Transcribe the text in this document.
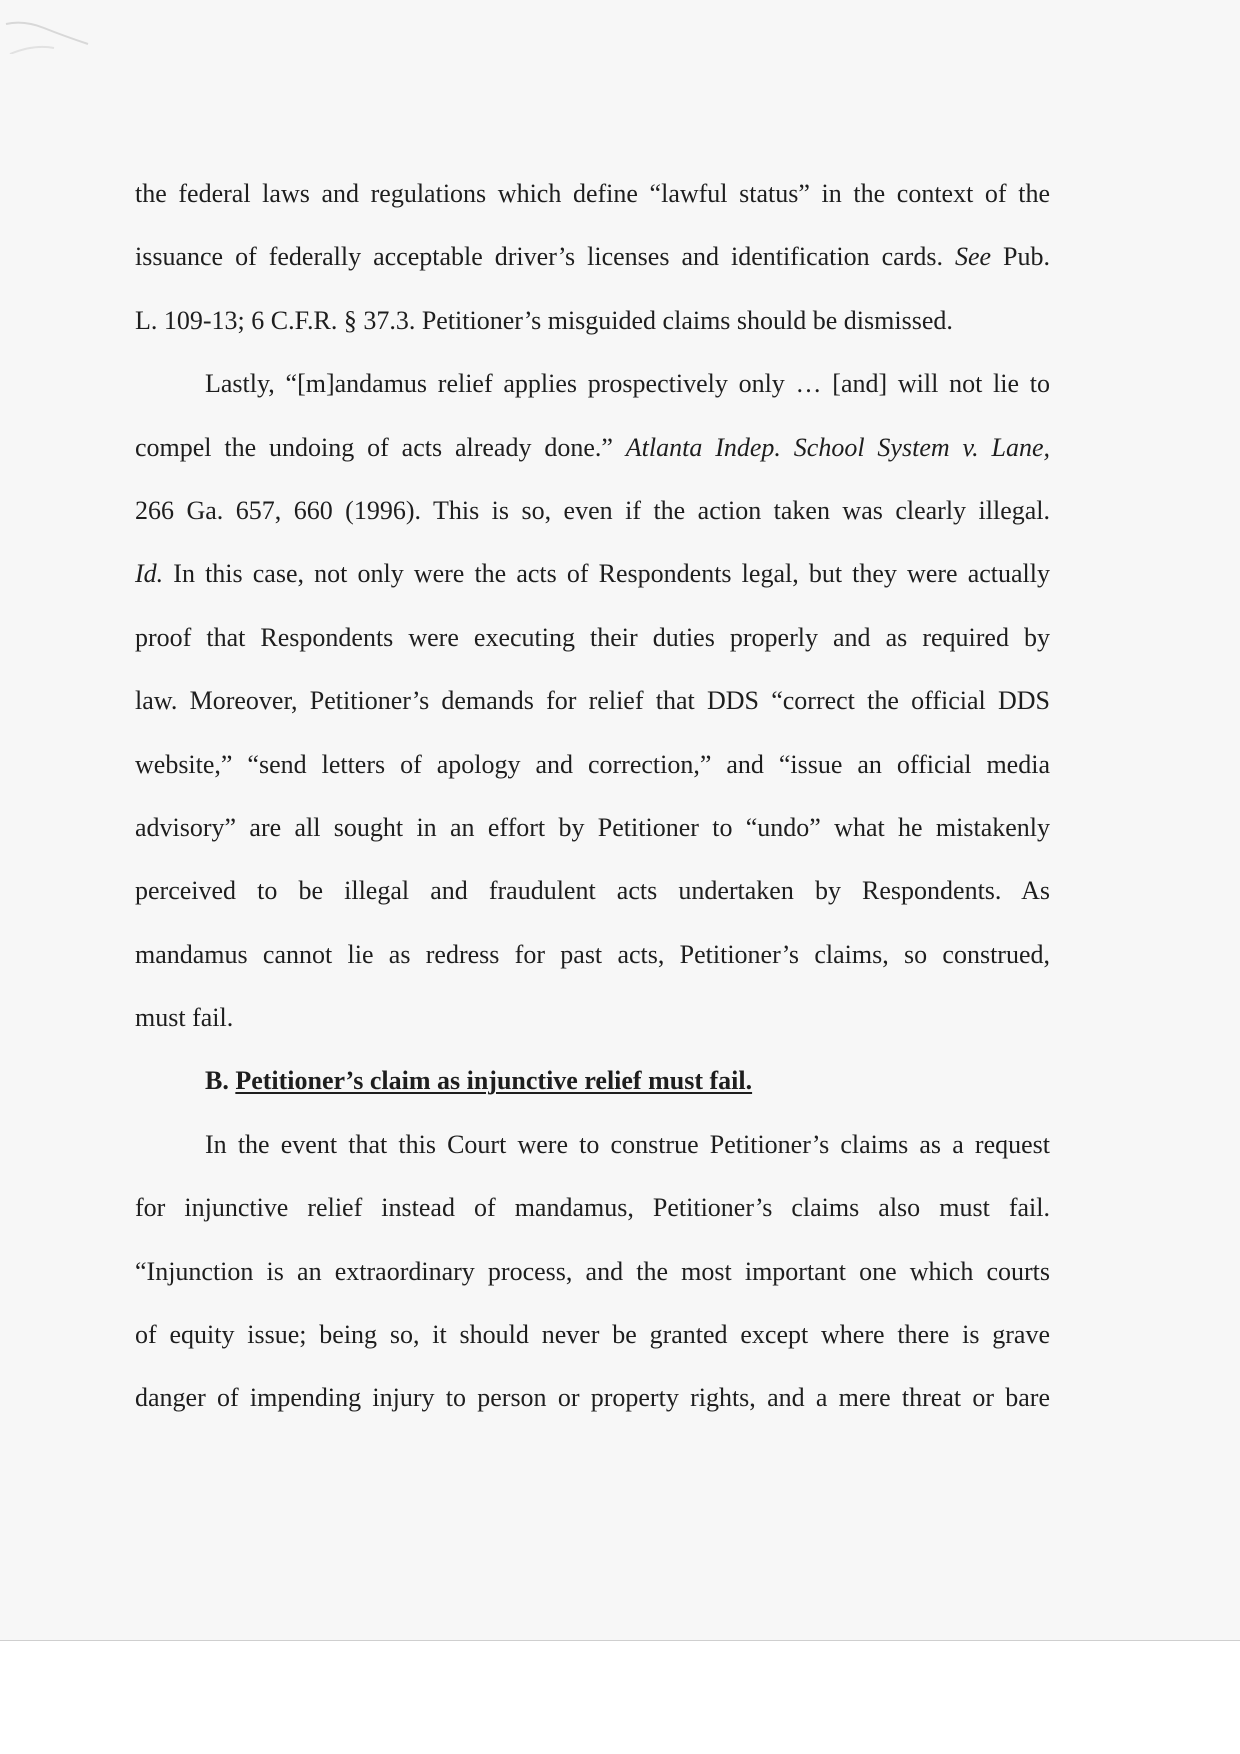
the federal laws and regulations which define “lawful status” in the context of the
issuance of federally acceptable driver’s licenses and identification cards. See Pub.
L. 109-13; 6 C.F.R. § 37.3. Petitioner’s misguided claims should be dismissed.
Lastly, “[m]andamus relief applies prospectively only … [and] will not lie to
compel the undoing of acts already done.” Atlanta Indep. School System v. Lane,
266 Ga. 657, 660 (1996). This is so, even if the action taken was clearly illegal.
Id. In this case, not only were the acts of Respondents legal, but they were actually
proof that Respondents were executing their duties properly and as required by
law. Moreover, Petitioner’s demands for relief that DDS “correct the official DDS
website,” “send letters of apology and correction,” and “issue an official media
advisory” are all sought in an effort by Petitioner to “undo” what he mistakenly
perceived to be illegal and fraudulent acts undertaken by Respondents. As
mandamus cannot lie as redress for past acts, Petitioner’s claims, so construed,
must fail.
B. Petitioner’s claim as injunctive relief must fail.
In the event that this Court were to construe Petitioner’s claims as a request
for injunctive relief instead of mandamus, Petitioner’s claims also must fail.
“Injunction is an extraordinary process, and the most important one which courts
of equity issue; being so, it should never be granted except where there is grave
danger of impending injury to person or property rights, and a mere threat or bare
